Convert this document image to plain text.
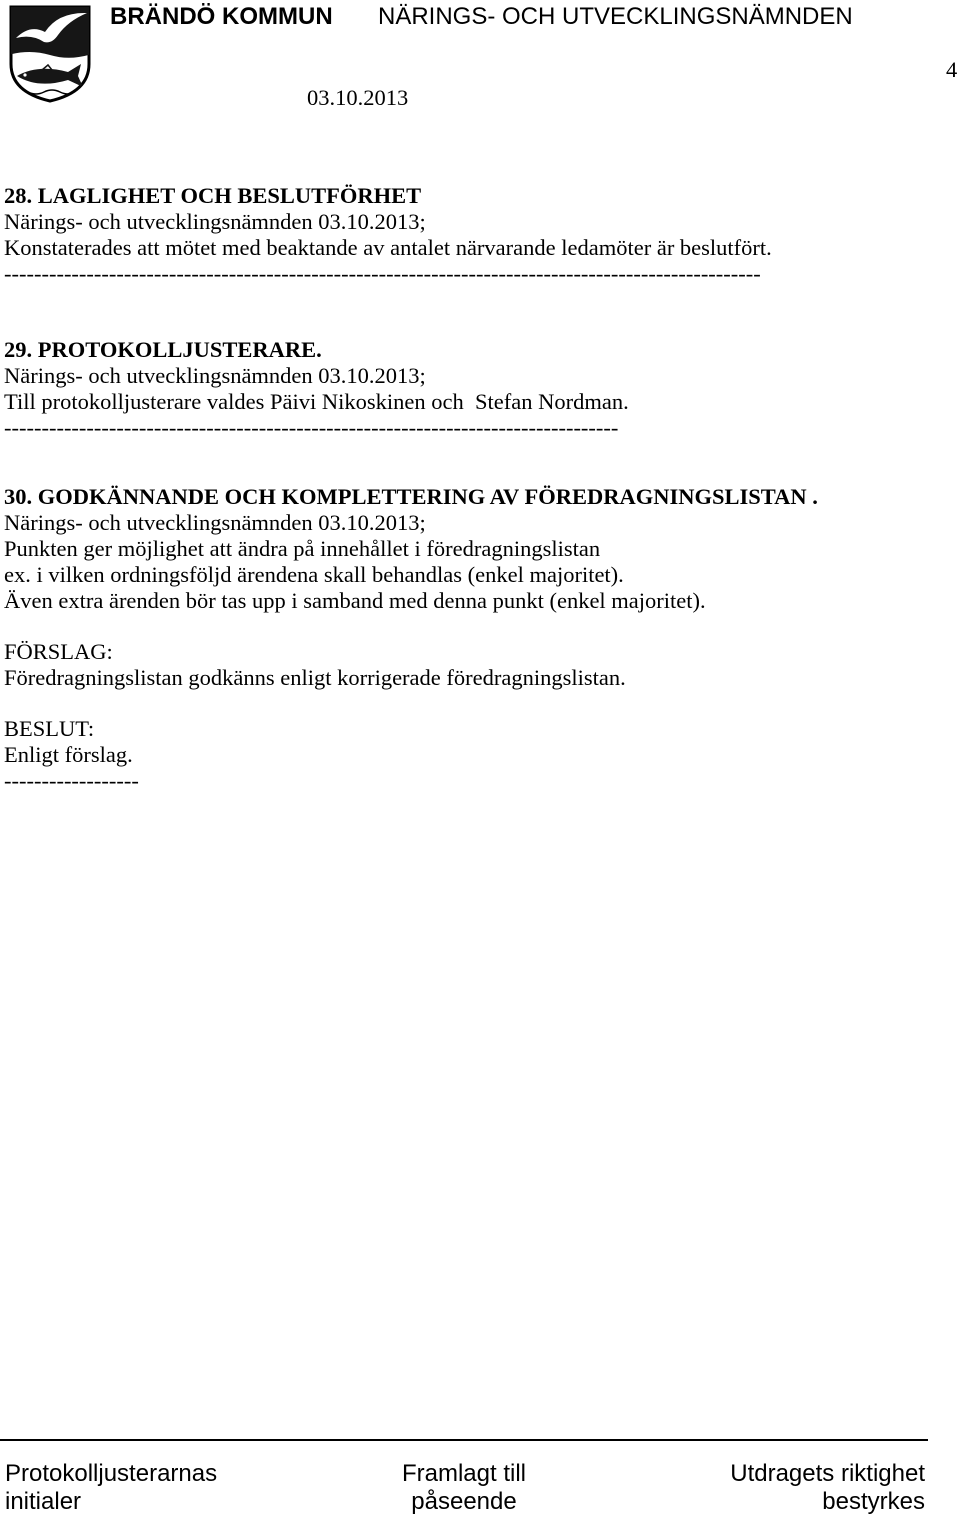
BRÄNDÖ KOMMUN NÄRINGS- OCH UTVECKLINGSNÄMNDEN
4
03.10.2013
28. LAGLIGHET OCH BESLUTFÖRHET
Närings- och utvecklingsnämnden 03.10.2013;
Konstaterades att mötet med beaktande av antalet närvarande ledamöter är beslutfört.
-----------------------------------------------------------------------------------------------------
29. PROTOKOLLJUSTERARE.
Närings- och utvecklingsnämnden 03.10.2013;
Till protokolljusterare valdes Päivi Nikoskinen och  Stefan Nordman.
----------------------------------------------------------------------------------
30. GODKÄNNANDE OCH KOMPLETTERING AV FÖREDRAGNINGSLISTAN .
Närings- och utvecklingsnämnden 03.10.2013;
Punkten ger möjlighet att ändra på innehållet i föredragningslistan
ex. i vilken ordningsföljd ärendena skall behandlas (enkel majoritet).
Även extra ärenden bör tas upp i samband med denna punkt (enkel majoritet).
FÖRSLAG:
Föredragningslistan godkänns enligt korrigerade föredragningslistan.
BESLUT:
Enligt förslag.
------------------
Protokolljusterarnas
initialer
Framlagt till
påseende
Utdragets riktighet
bestyrkes
